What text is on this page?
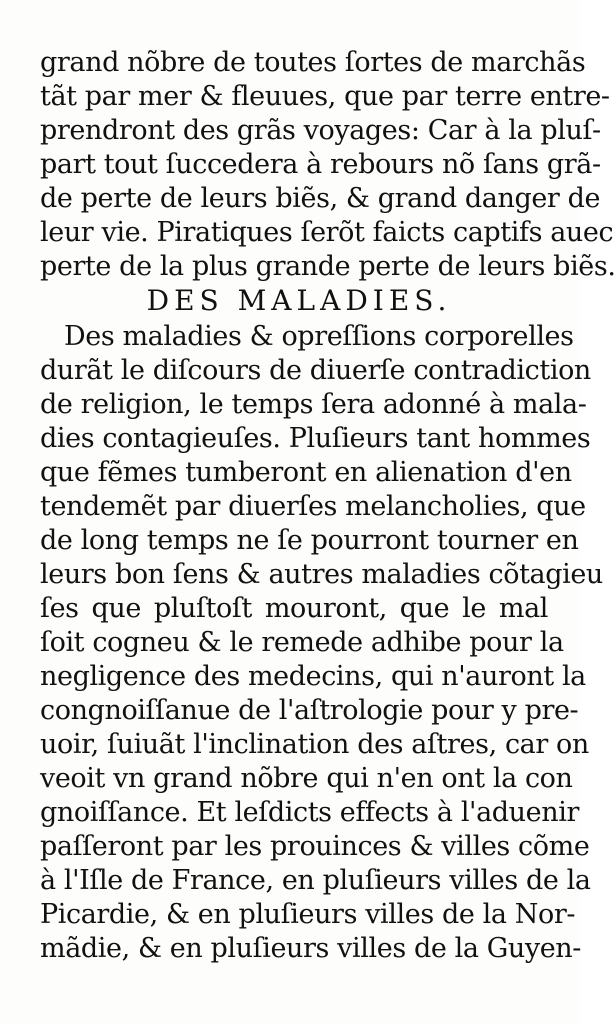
grand nõbre de toutes ſortes de marchãs
tãt par mer & fleuues, que par terre entre-
prendront des grãs voyages: Car à la pluſ-
part tout ſuccedera à rebours nõ ſans grã-
de perte de leurs biẽs, & grand danger de
leur vie. Piratiques ſerõt faicts captifs auec
perte de la plus grande perte de leurs biẽs.
DES MALADIES.
Des maladies & opreſſions corporelles
durãt le diſcours de diuerſe contradiction
de religion, le temps ſera adonné à mala-
dies contagieuſes. Pluſieurs tant hommes
que fẽmes tumberont en alienation d'en
tendemẽt par diuerſes melancholies, que
de long temps ne ſe pourront tourner en
leurs bon ſens & autres maladies cõtagieu
ſes que pluſtoſt mouront, que le mal
ſoit cogneu & le remede adhibe pour la
negligence des medecins, qui n'auront la
congnoiſſanue de l'aſtrologie pour y pre-
uoir, ſuiuãt l'inclination des aſtres, car on
veoit vn grand nõbre qui n'en ont la con
gnoiſſance. Et leſdicts effects à l'aduenir
paſſeront par les prouinces & villes cõme
à l'Iſle de France, en pluſieurs villes de la
Picardie, & en pluſieurs villes de la Nor-
mãdie, & en pluſieurs villes de la Guyen-
